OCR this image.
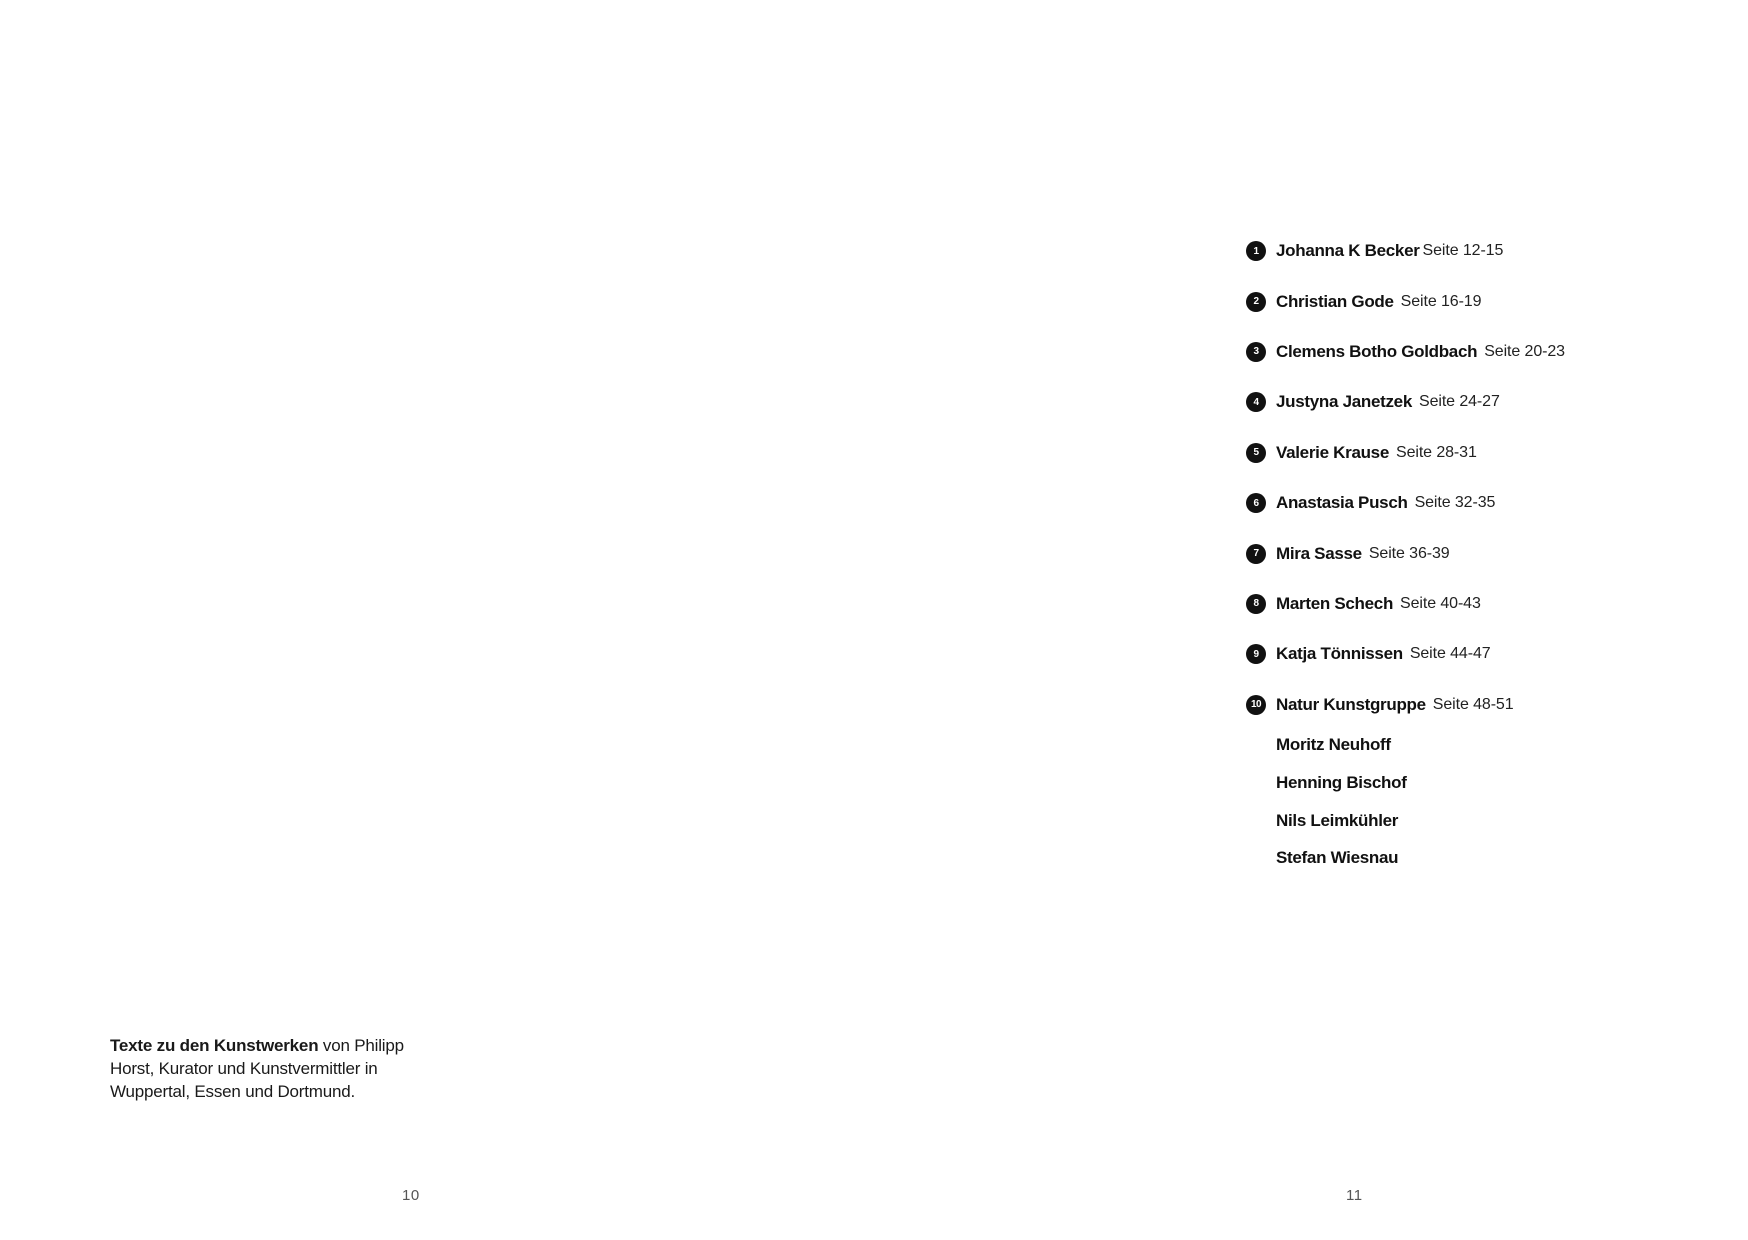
Texte zu den Kunstwerken von Philipp Horst, Kurator und Kunstvermittler in Wuppertal, Essen und Dortmund.

10
1	Johanna K Becker Seite 12-15
2	Christian Gode Seite 16-19
3	Clemens Botho Goldbach Seite 20-23
4	Justyna Janetzek Seite 24-27
5	Valerie Krause Seite 28-31
6	Anastasia Pusch Seite 32-35
7	Mira Sasse Seite 36-39
8	Marten Schech Seite 40-43
9	Katja Tönnissen Seite 44-47
10 Natur Kunstgruppe Seite 48-51
Moritz Neuhoff
Henning Bischof
Nils Leimkühler
Stefan Wiesnau
11
